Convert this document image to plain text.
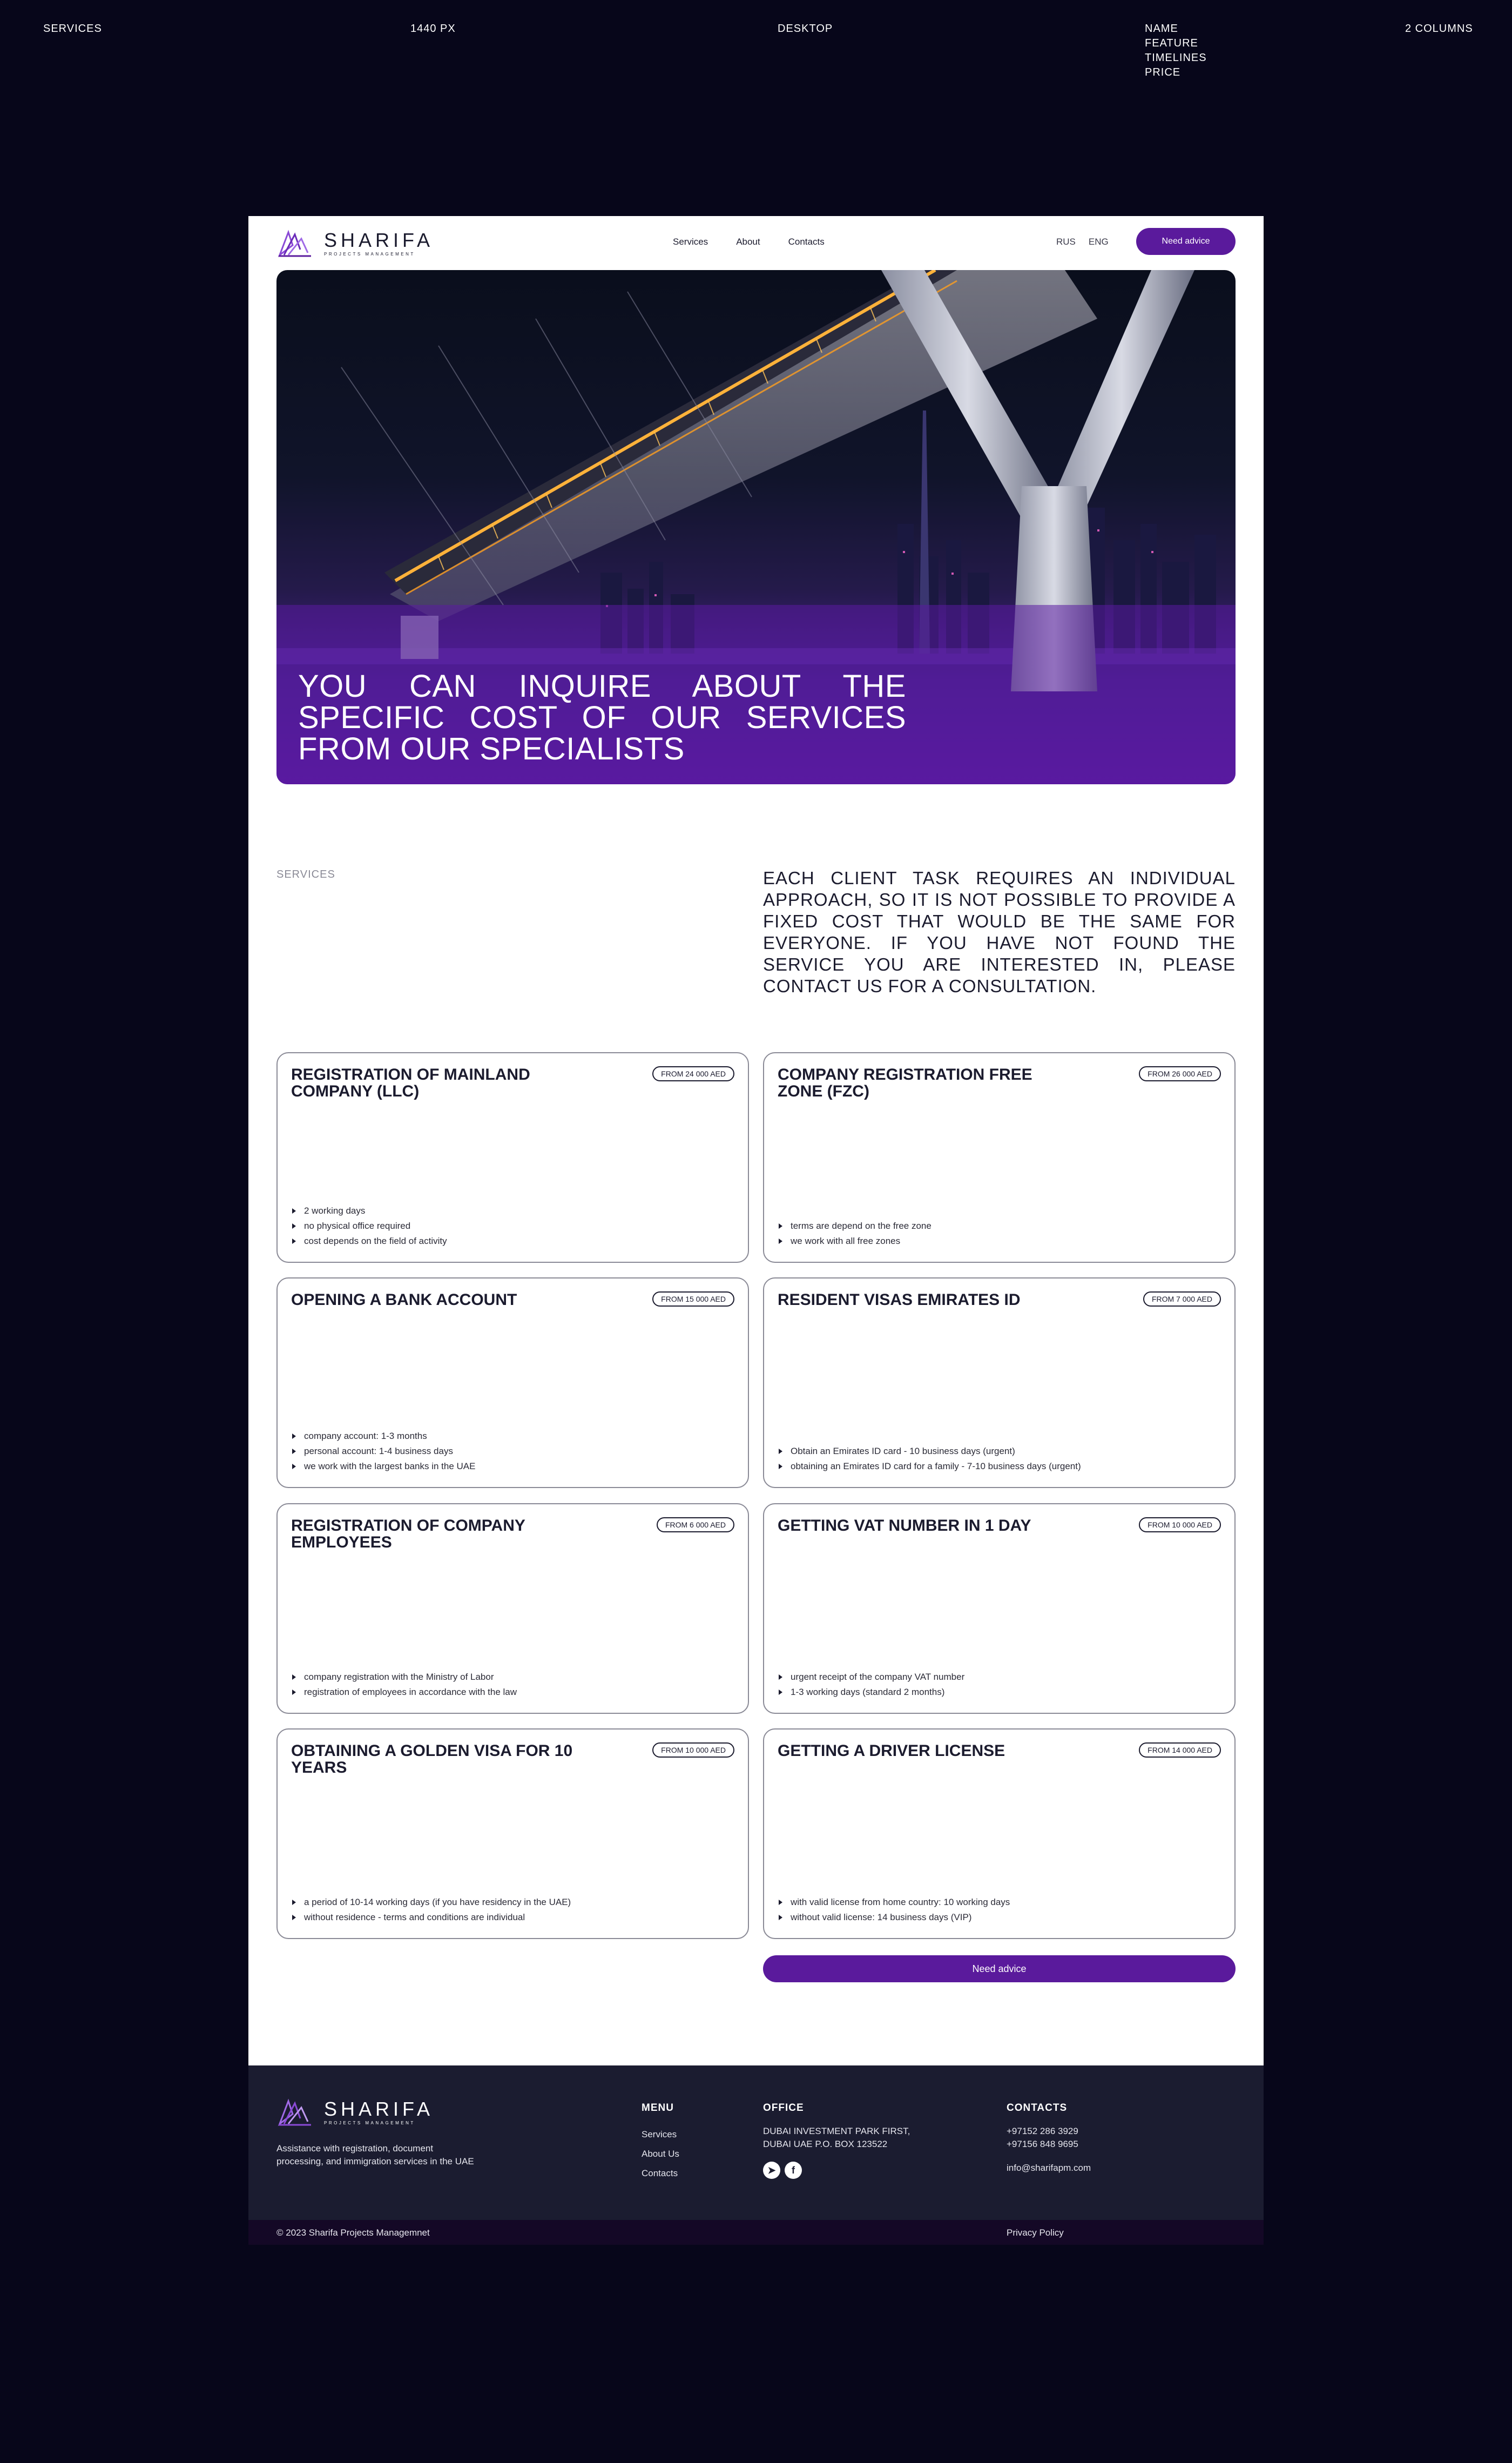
SERVICES	1440 PX	DESKTOP	NAME
FEATURE
TIMELINES
PRICE
2 COLUMNS
SHARIFA
PROJECTS MANAGEMENT
Services	About	Contacts	RUS ENG	Need advice
YOU CAN INQUIRE ABOUT THE SPECIFIC COST OF OUR SERVICES FROM OUR SPECIALISTS
SERVICES	EACH CLIENT TASK REQUIRES AN INDIVIDUAL APPROACH, SO IT IS NOT POSSIBLE TO PROVIDE A FIXED COST THAT WOULD BE THE SAME FOR EVERYONE. IF YOU HAVE NOT FOUND THE SERVICE YOU ARE INTERESTED IN, PLEASE CONTACT US FOR A CONSULTATION.
REGISTRATION OF MAINLAND COMPANY (LLC)
FROM 24 000 AED
2 working days
no physical office required
cost depends on the field of activity
COMPANY REGISTRATION FREE ZONE (FZC)
FROM 26 000 AED
terms are depend on the free zone
we work with all free zones
OPENING A BANK ACCOUNT	FROM 15 000 AED
company account: 1-3 months
personal account: 1-4 business days
we work with the largest banks in the UAE
RESIDENT VISAS EMIRATES ID	FROM 7 000 AED
Obtain an Emirates ID card - 10 business days (urgent)
obtaining an Emirates ID card for a family - 7-10 business days (urgent)
REGISTRATION OF COMPANY EMPLOYEES
FROM 6 000 AED
company registration with the Ministry of Labor
registration of employees in accordance with the law
GETTING VAT NUMBER IN 1 DAY	FROM 10 000 AED
urgent receipt of the company VAT number
1-3 working days (standard 2 months)
OBTAINING A GOLDEN VISA FOR 10 YEARS
FROM 10 000 AED
a period of 10-14 working days (if you have residency in the UAE)
without residence - terms and conditions are individual
GETTING A DRIVER LICENSE	FROM 14 000 AED
with valid license from home country: 10 working days
without valid license: 14 business days (VIP)
Need advice
SHARIFA
PROJECTS MANAGEMENT
Assistance with registration, document processing, and immigration services in the UAE
MENU
Services
About Us
Contacts
OFFICE
DUBAI INVESTMENT PARK FIRST, DUBAI UAE P.O. BOX 123522
➤	f
CONTACTS
+97152 286 3929
+97156 848 9695
info@sharifapm.com
© 2023 Sharifa Projects Managemnet	Privacy Policy
